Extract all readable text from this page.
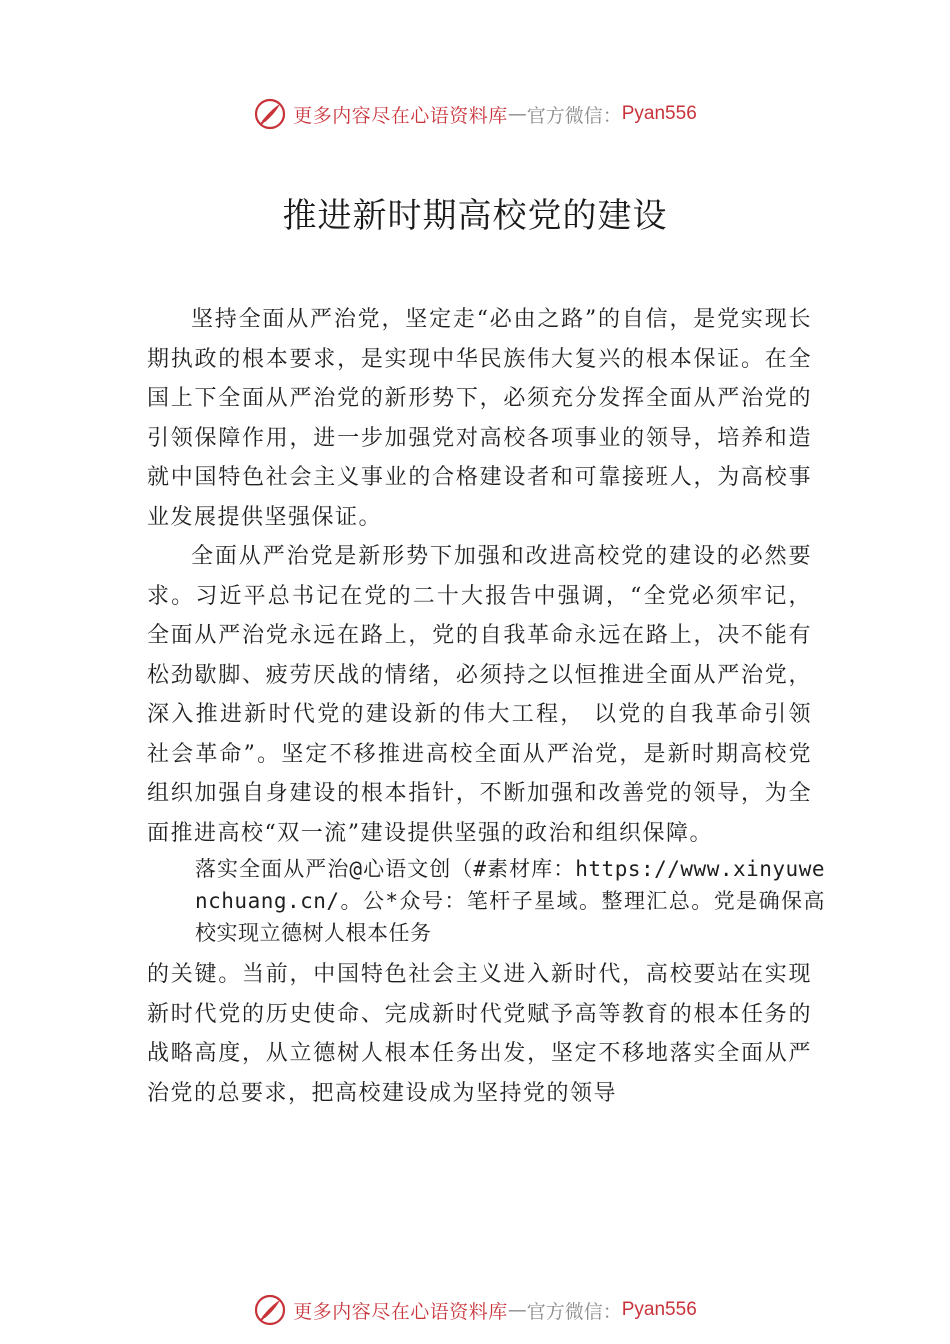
更多内容尽在心语资料库 — 官方微信： Pyan556
推进新时期高校党的建设

坚持全面从严治党，坚定走“必由之路”的自信，是党实现长期执政的根本要求，是实现中华民族伟大复兴的根本保证。在全国上下全面从严治党的新形势下，必须充分发挥全面从严治党的引领保障作用，进一步加强党对高校各项事业的领导，培养和造就中国特色社会主义事业的合格建设者和可靠接班人，为高校事业发展提供坚强保证。

全面从严治党是新形势下加强和改进高校党的建设的必然要求。习近平总书记在党的二十大报告中强调，“全党必须牢记，全面从严治党永远在路上，党的自我革命永远在路上，决不能有松劲歇脚、疲劳厌战的情绪，必须持之以恒推进全面从严治党，深入推进新时代党的建设新的伟大工程， 以党的自我革命引领社会革命”。坚定不移推进高校全面从严治党，是新时期高校党组织加强自身建设的根本指针，不断加强和改善党的领导，为全面推进高校“双一流”建设提供坚强的政治和组织保障。

落实全面从严治@心语文创（#素材库：https://www.xinyuwenchuang.cn/。公*众号：笔杆子星域。整理汇总。党是确保高校实现立德树人根本任务

的关键。当前，中国特色社会主义进入新时代，高校要站在实现新时代党的历史使命、完成新时代党赋予高等教育的根本任务的战略高度，从立德树人根本任务出发，坚定不移地落实全面从严治党的总要求，把高校建设成为坚持党的领导

更多内容尽在心语资料库 — 官方微信： Pyan556
